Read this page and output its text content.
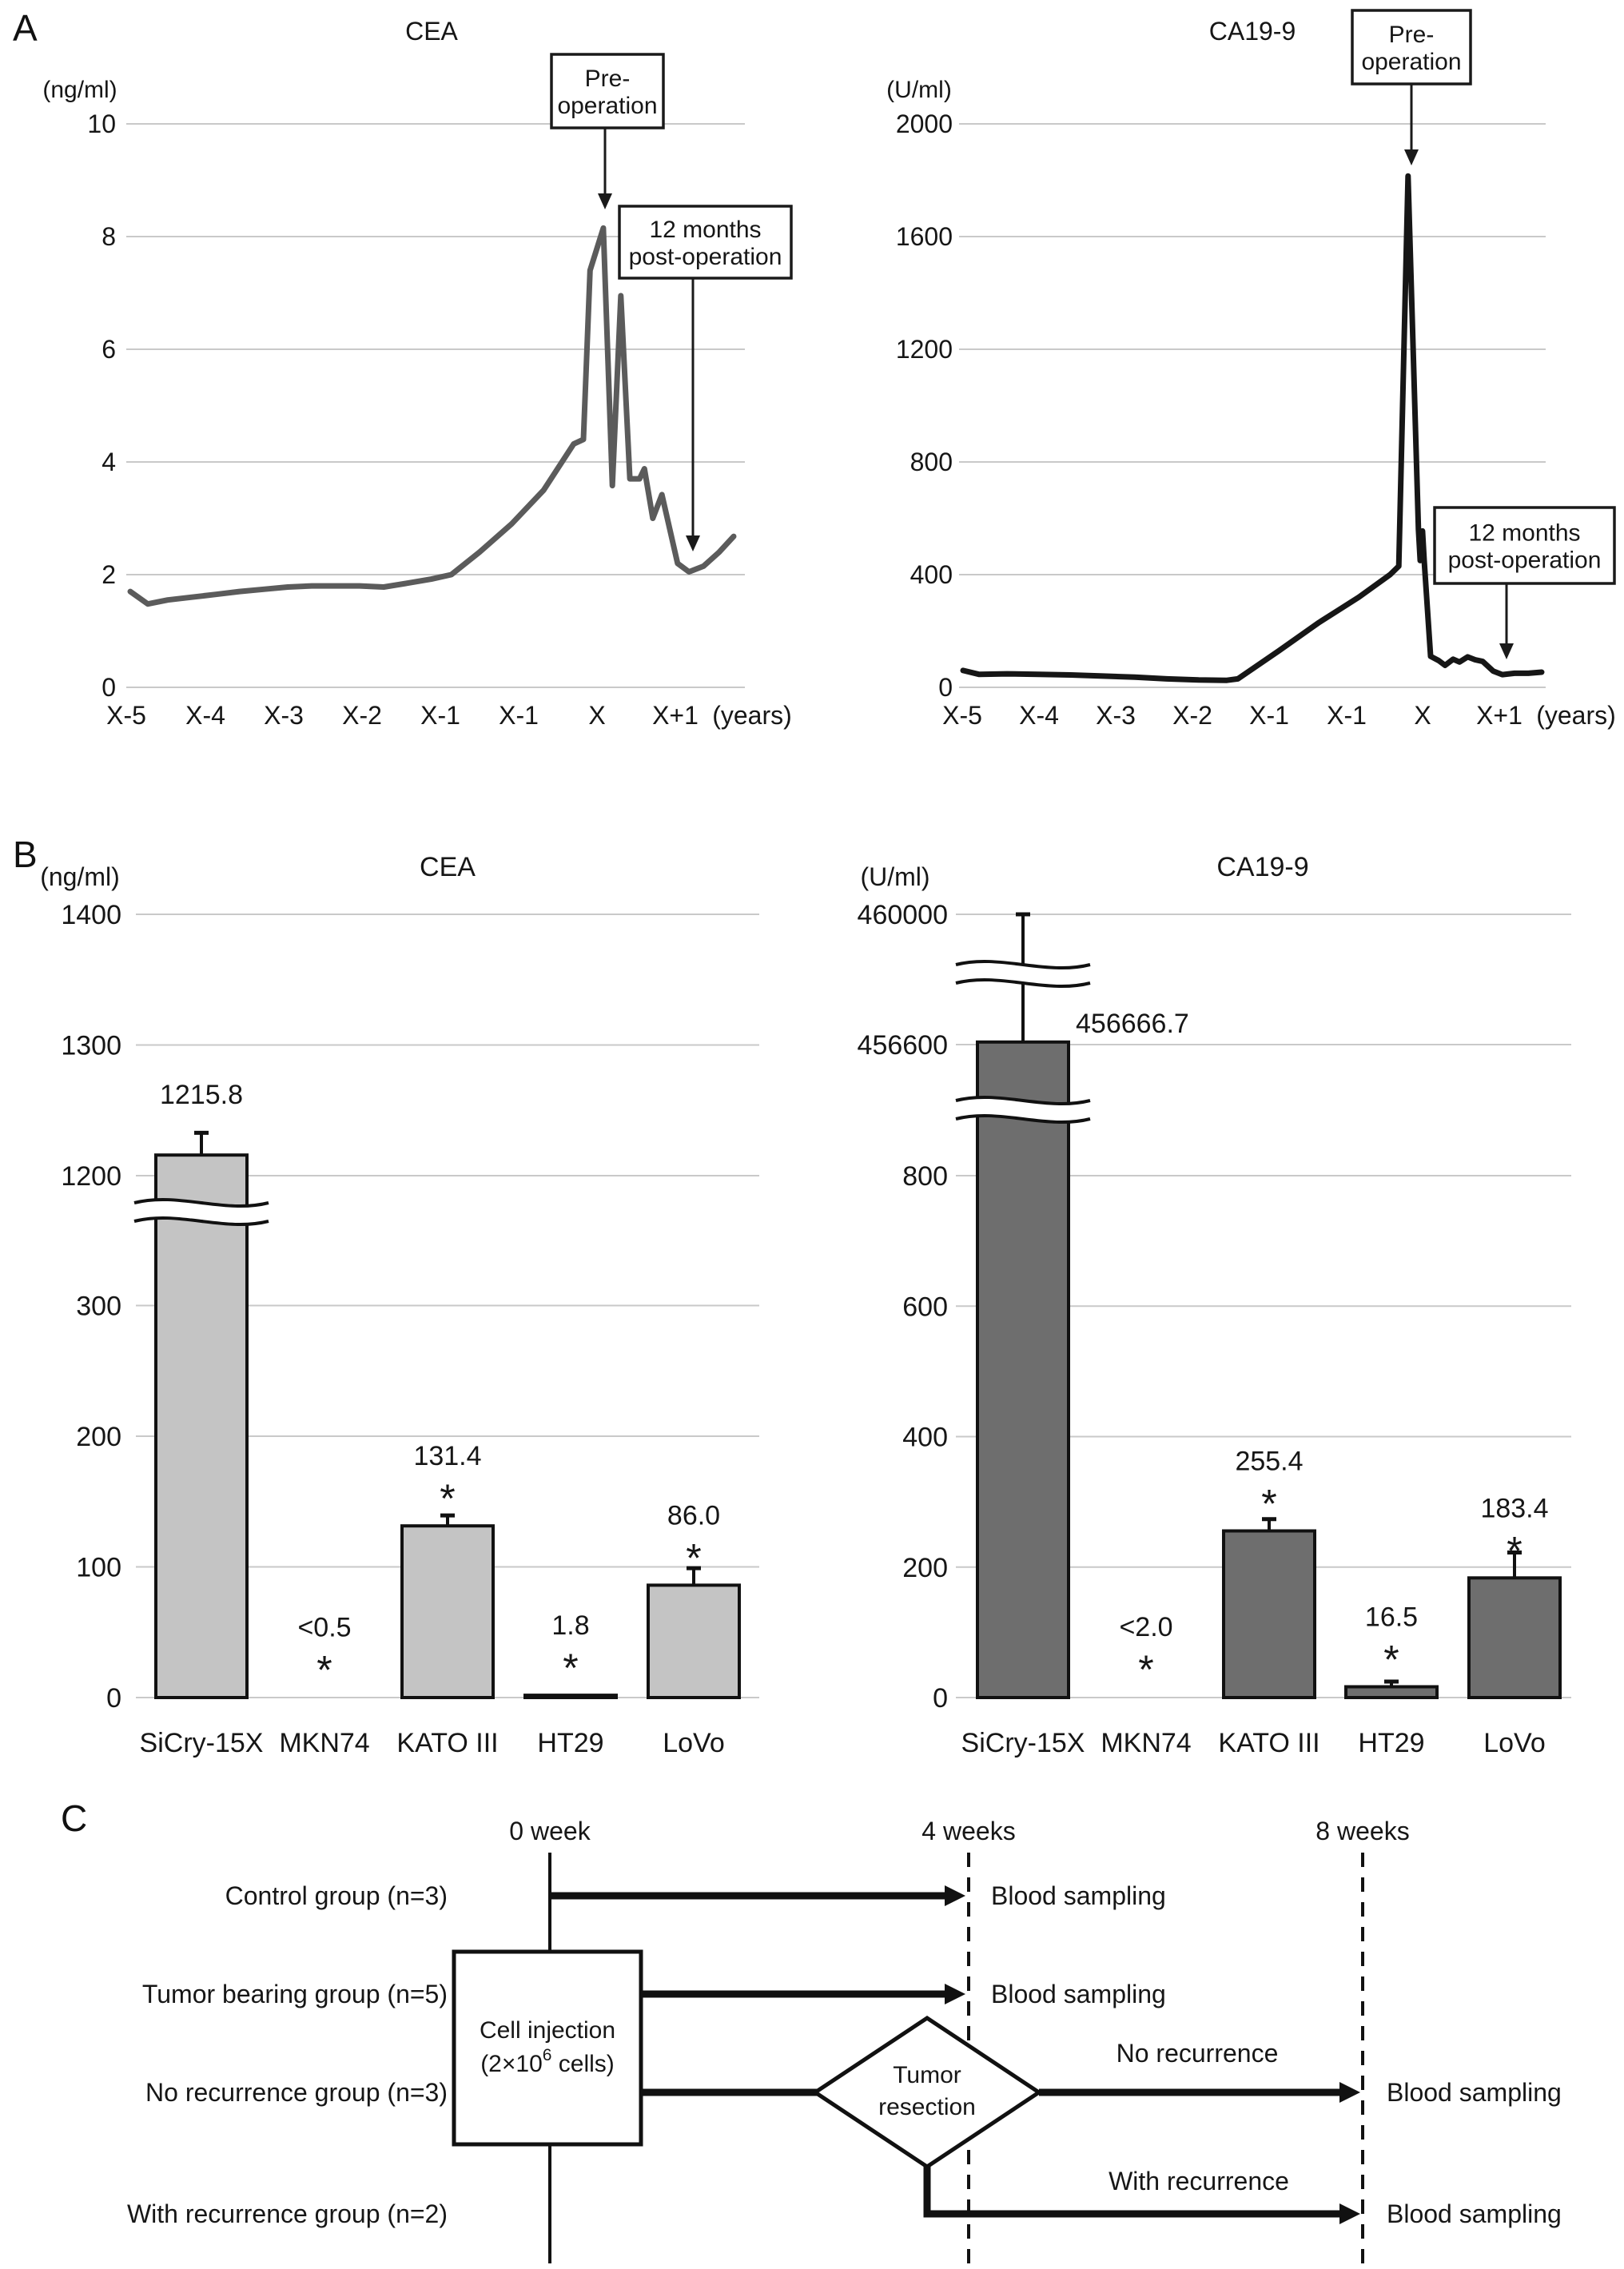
0
2
4
6
8
10
(ng/ml)
CEA
X-5 X-4 X-3 X-2 X-1 X-1 X X+1 (years)
Pre-
operation
12 months
post-operation
0
400
800
1200
1600
2000
(U/ml)
CA19-9
X-5 X-4 X-3 X-2 X-1 X-1 X X+1 (years)
Pre-
operation
12 months
post-operation
0
100
200
300
1200
1300
1400
(ng/ml)	CEA
1215.8
SiCry-15X
<0.5
*
MKN74
131.4
*
KATO III
1.8
*
HT29
86.0
*
LoVo
0
200
400
600
800
456600
460000
(U/ml)	CA19-9
456666.7
SiCry-15X
<2.0
*
MKN74
255.4
*
KATO III
16.5
*
HT29
183.4
*
LoVo
0 week	4 weeks	8 weeks
Control group (n=3)
Tumor bearing group (n=5)
No recurrence group (n=3)
With recurrence group (n=2)
Cell injection
($2\times 10^6$ cells)	Tumor
resection
No recurrence
With recurrence
Blood sampling
Blood sampling
Blood sampling
Blood sampling
A
B
C
